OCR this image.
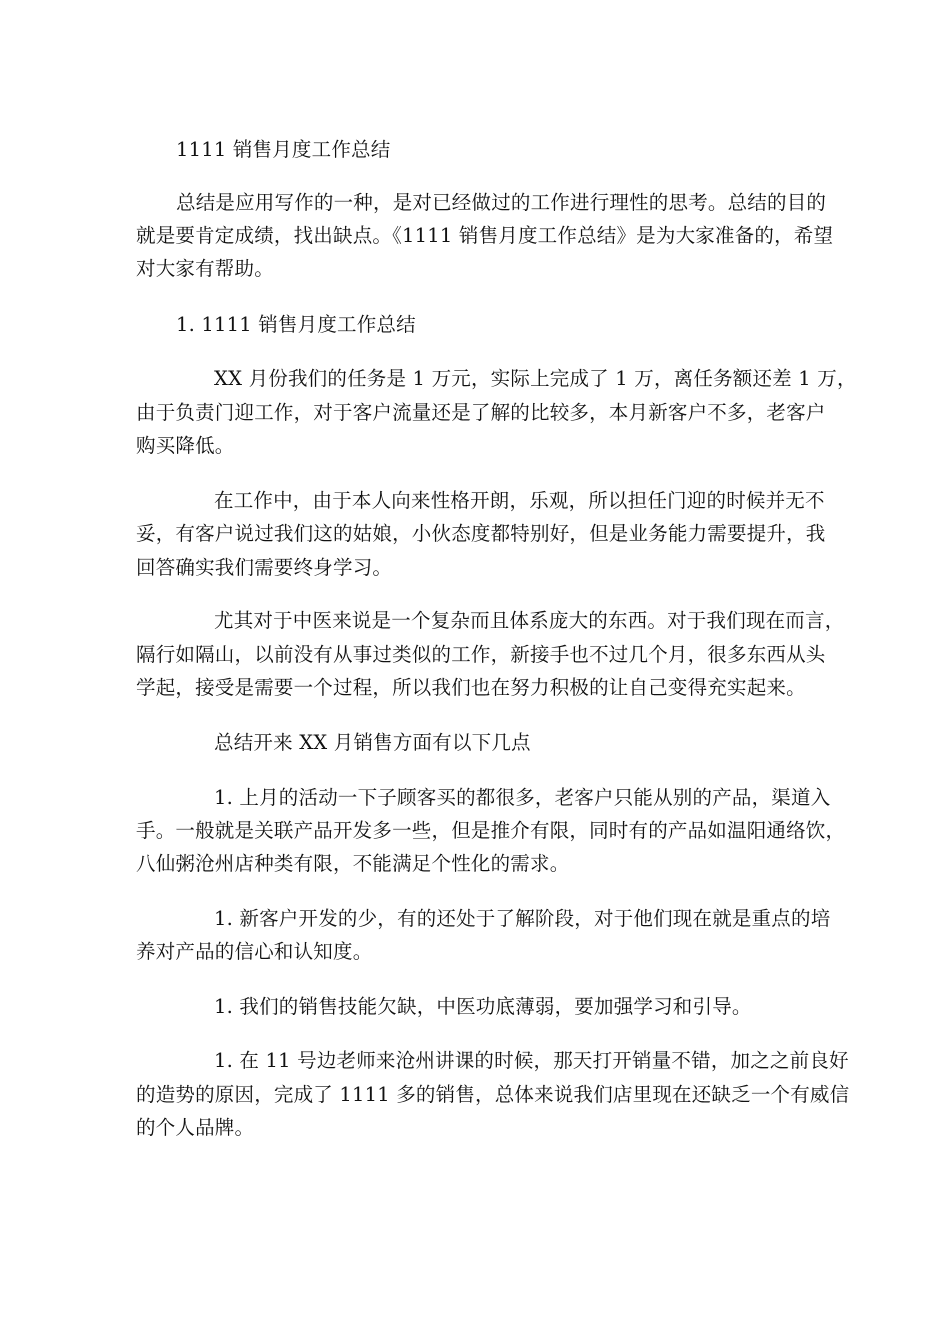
1111 销售月度工作总结
总结是应用写作的一种，是对已经做过的工作进行理性的思考。总结的目的
就是要肯定成绩，找出缺点。《1111 销售月度工作总结》是为大家准备的，希望
对大家有帮助。
1. 1111 销售月度工作总结
XX 月份我们的任务是 1 万元，实际上完成了 1 万，离任务额还差 1 万，
由于负责门迎工作，对于客户流量还是了解的比较多，本月新客户不多，老客户
购买降低。
在工作中，由于本人向来性格开朗，乐观，所以担任门迎的时候并无不
妥，有客户说过我们这的姑娘，小伙态度都特别好，但是业务能力需要提升，我
回答确实我们需要终身学习。
尤其对于中医来说是一个复杂而且体系庞大的东西。对于我们现在而言，
隔行如隔山，以前没有从事过类似的工作，新接手也不过几个月，很多东西从头
学起，接受是需要一个过程，所以我们也在努力积极的让自己变得充实起来。
总结开来 XX 月销售方面有以下几点
1. 上月的活动一下子顾客买的都很多，老客户只能从别的产品，渠道入
手。一般就是关联产品开发多一些，但是推介有限，同时有的产品如温阳通络饮，
八仙粥沧州店种类有限，不能满足个性化的需求。
1. 新客户开发的少，有的还处于了解阶段，对于他们现在就是重点的培
养对产品的信心和认知度。
1. 我们的销售技能欠缺，中医功底薄弱，要加强学习和引导。
1. 在 11 号边老师来沧州讲课的时候，那天打开销量不错，加之之前良好
的造势的原因，完成了 1111 多的销售，总体来说我们店里现在还缺乏一个有威信
的个人品牌。
